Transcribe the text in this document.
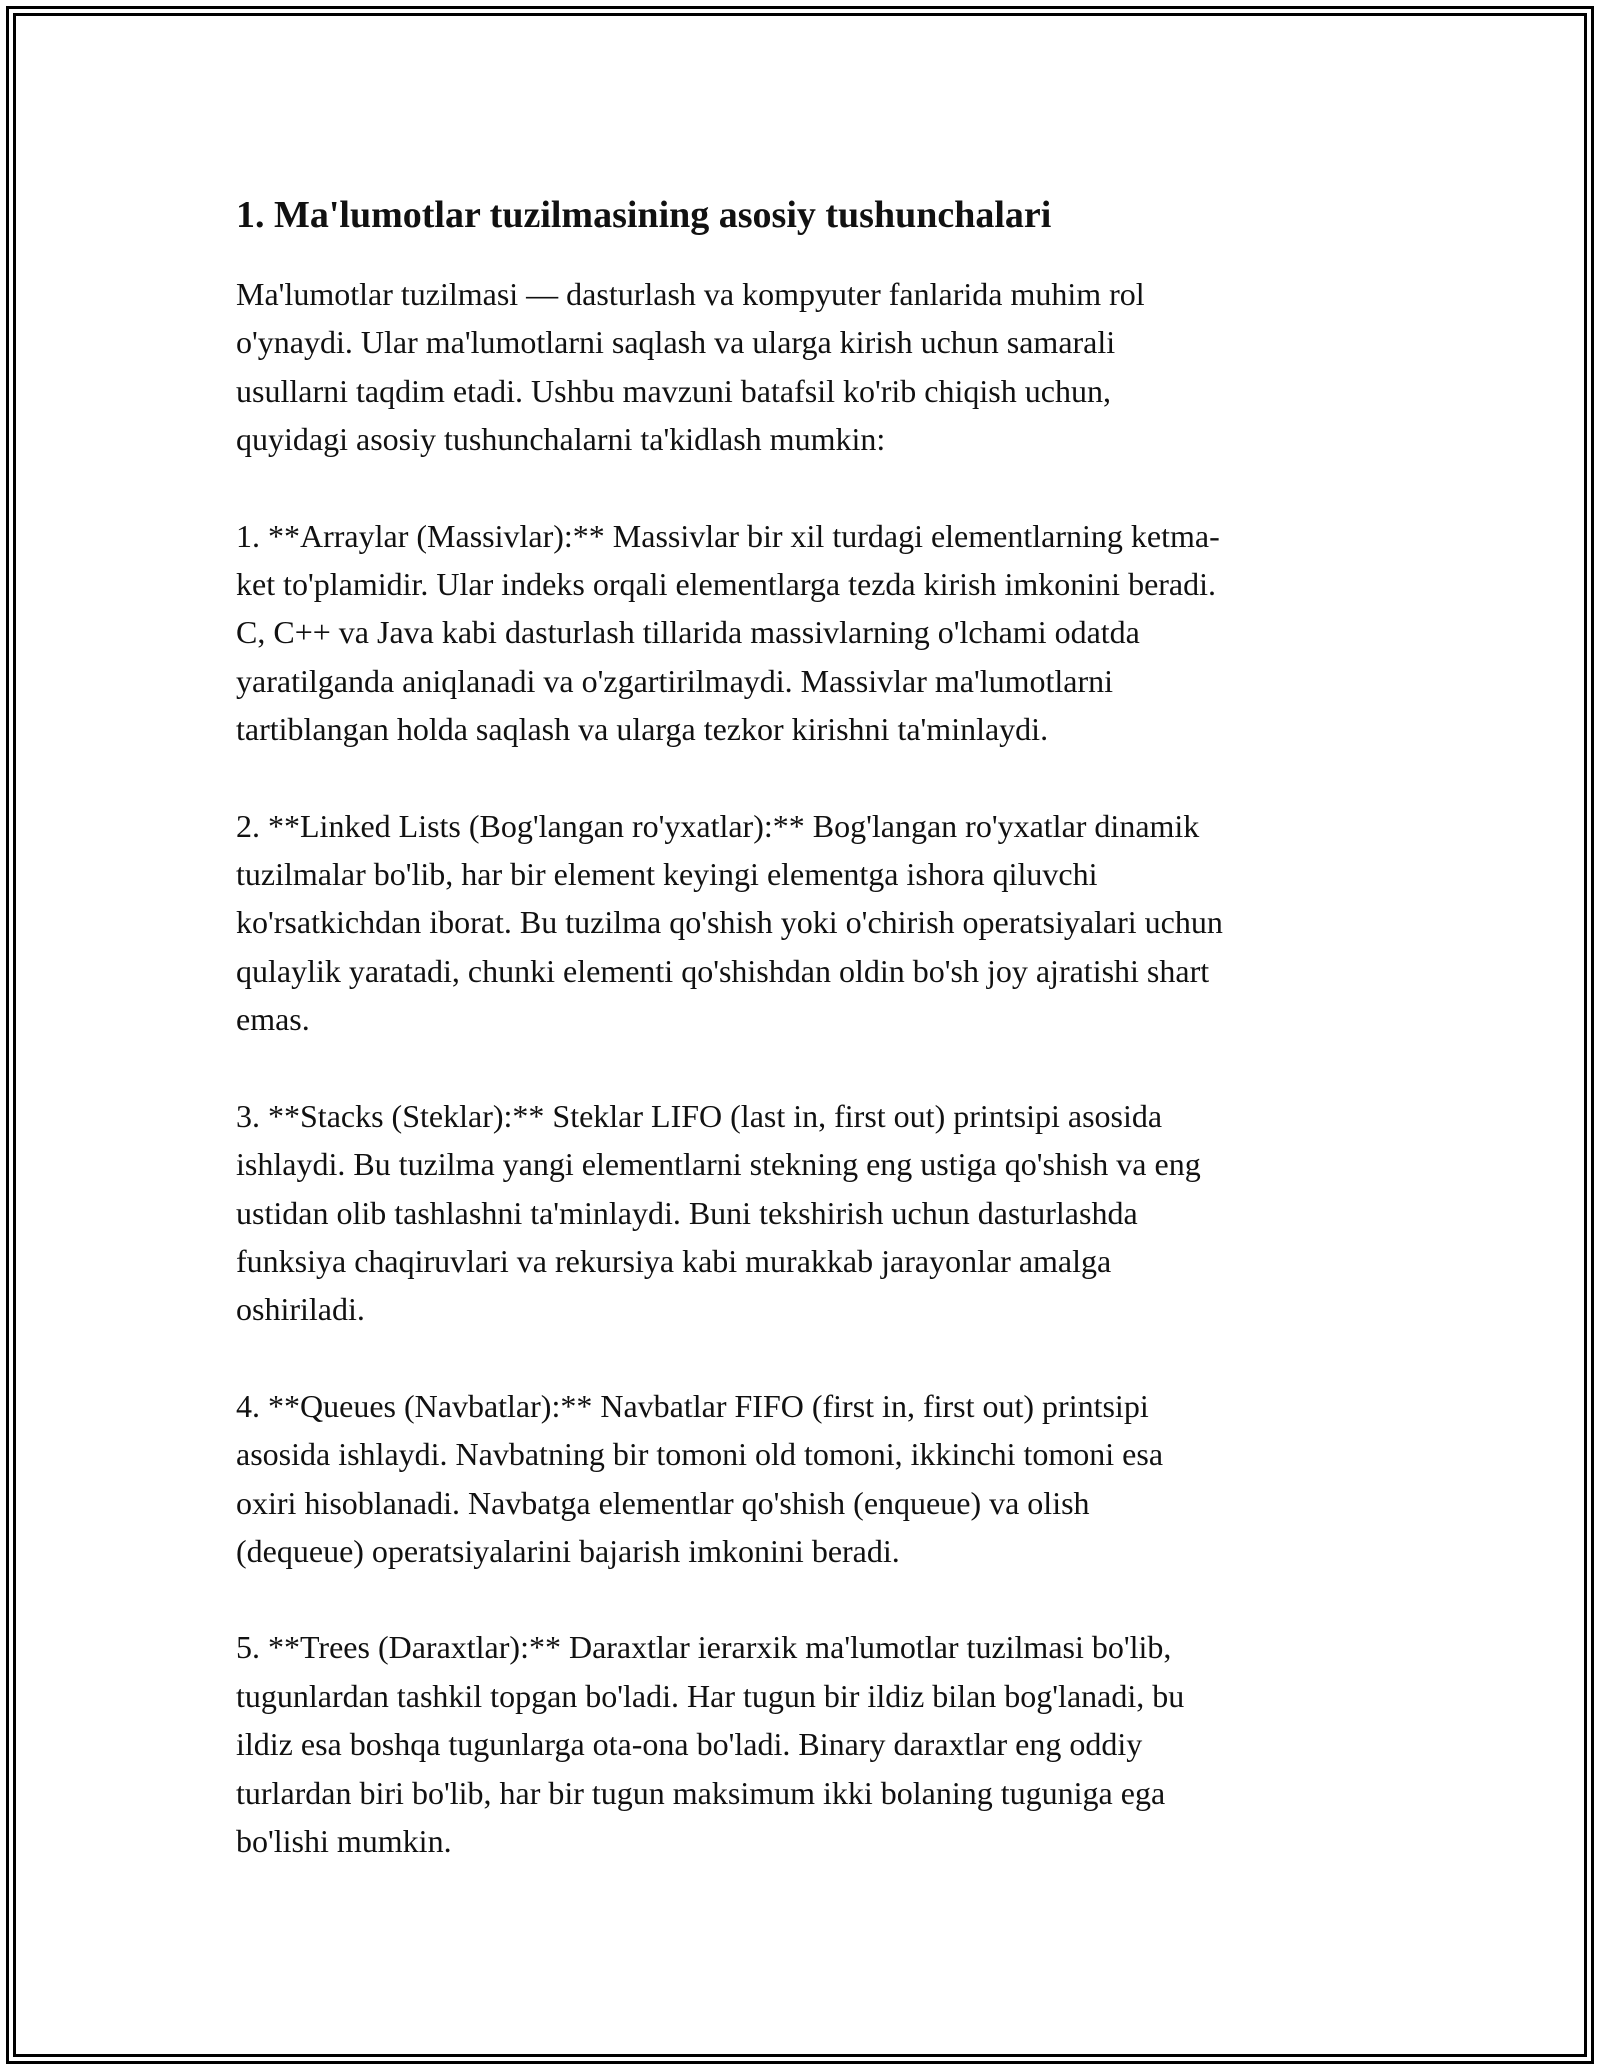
1. Ma'lumotlar tuzilmasining asosiy tushunchalari

Ma'lumotlar tuzilmasi — dasturlash va kompyuter fanlarida muhim rol
o'ynaydi. Ular ma'lumotlarni saqlash va ularga kirish uchun samarali
usullarni taqdim etadi. Ushbu mavzuni batafsil ko'rib chiqish uchun,
quyidagi asosiy tushunchalarni ta'kidlash mumkin:

1. **Arraylar (Massivlar):** Massivlar bir xil turdagi elementlarning ketma-
ket to'plamidir. Ular indeks orqali elementlarga tezda kirish imkonini beradi.
C, C++ va Java kabi dasturlash tillarida massivlarning o'lchami odatda
yaratilganda aniqlanadi va o'zgartirilmaydi. Massivlar ma'lumotlarni
tartiblangan holda saqlash va ularga tezkor kirishni ta'minlaydi.

2. **Linked Lists (Bog'langan ro'yxatlar):** Bog'langan ro'yxatlar dinamik
tuzilmalar bo'lib, har bir element keyingi elementga ishora qiluvchi
ko'rsatkichdan iborat. Bu tuzilma qo'shish yoki o'chirish operatsiyalari uchun
qulaylik yaratadi, chunki elementi qo'shishdan oldin bo'sh joy ajratishi shart
emas.

3. **Stacks (Steklar):** Steklar LIFO (last in, first out) printsipi asosida
ishlaydi. Bu tuzilma yangi elementlarni stekning eng ustiga qo'shish va eng
ustidan olib tashlashni ta'minlaydi. Buni tekshirish uchun dasturlashda
funksiya chaqiruvlari va rekursiya kabi murakkab jarayonlar amalga
oshiriladi.

4. **Queues (Navbatlar):** Navbatlar FIFO (first in, first out) printsipi
asosida ishlaydi. Navbatning bir tomoni old tomoni, ikkinchi tomoni esa
oxiri hisoblanadi. Navbatga elementlar qo'shish (enqueue) va olish
(dequeue) operatsiyalarini bajarish imkonini beradi.

5. **Trees (Daraxtlar):** Daraxtlar ierarxik ma'lumotlar tuzilmasi bo'lib,
tugunlardan tashkil topgan bo'ladi. Har tugun bir ildiz bilan bog'lanadi, bu
ildiz esa boshqa tugunlarga ota-ona bo'ladi. Binary daraxtlar eng oddiy
turlardan biri bo'lib, har bir tugun maksimum ikki bolaning tuguniga ega
bo'lishi mumkin.
